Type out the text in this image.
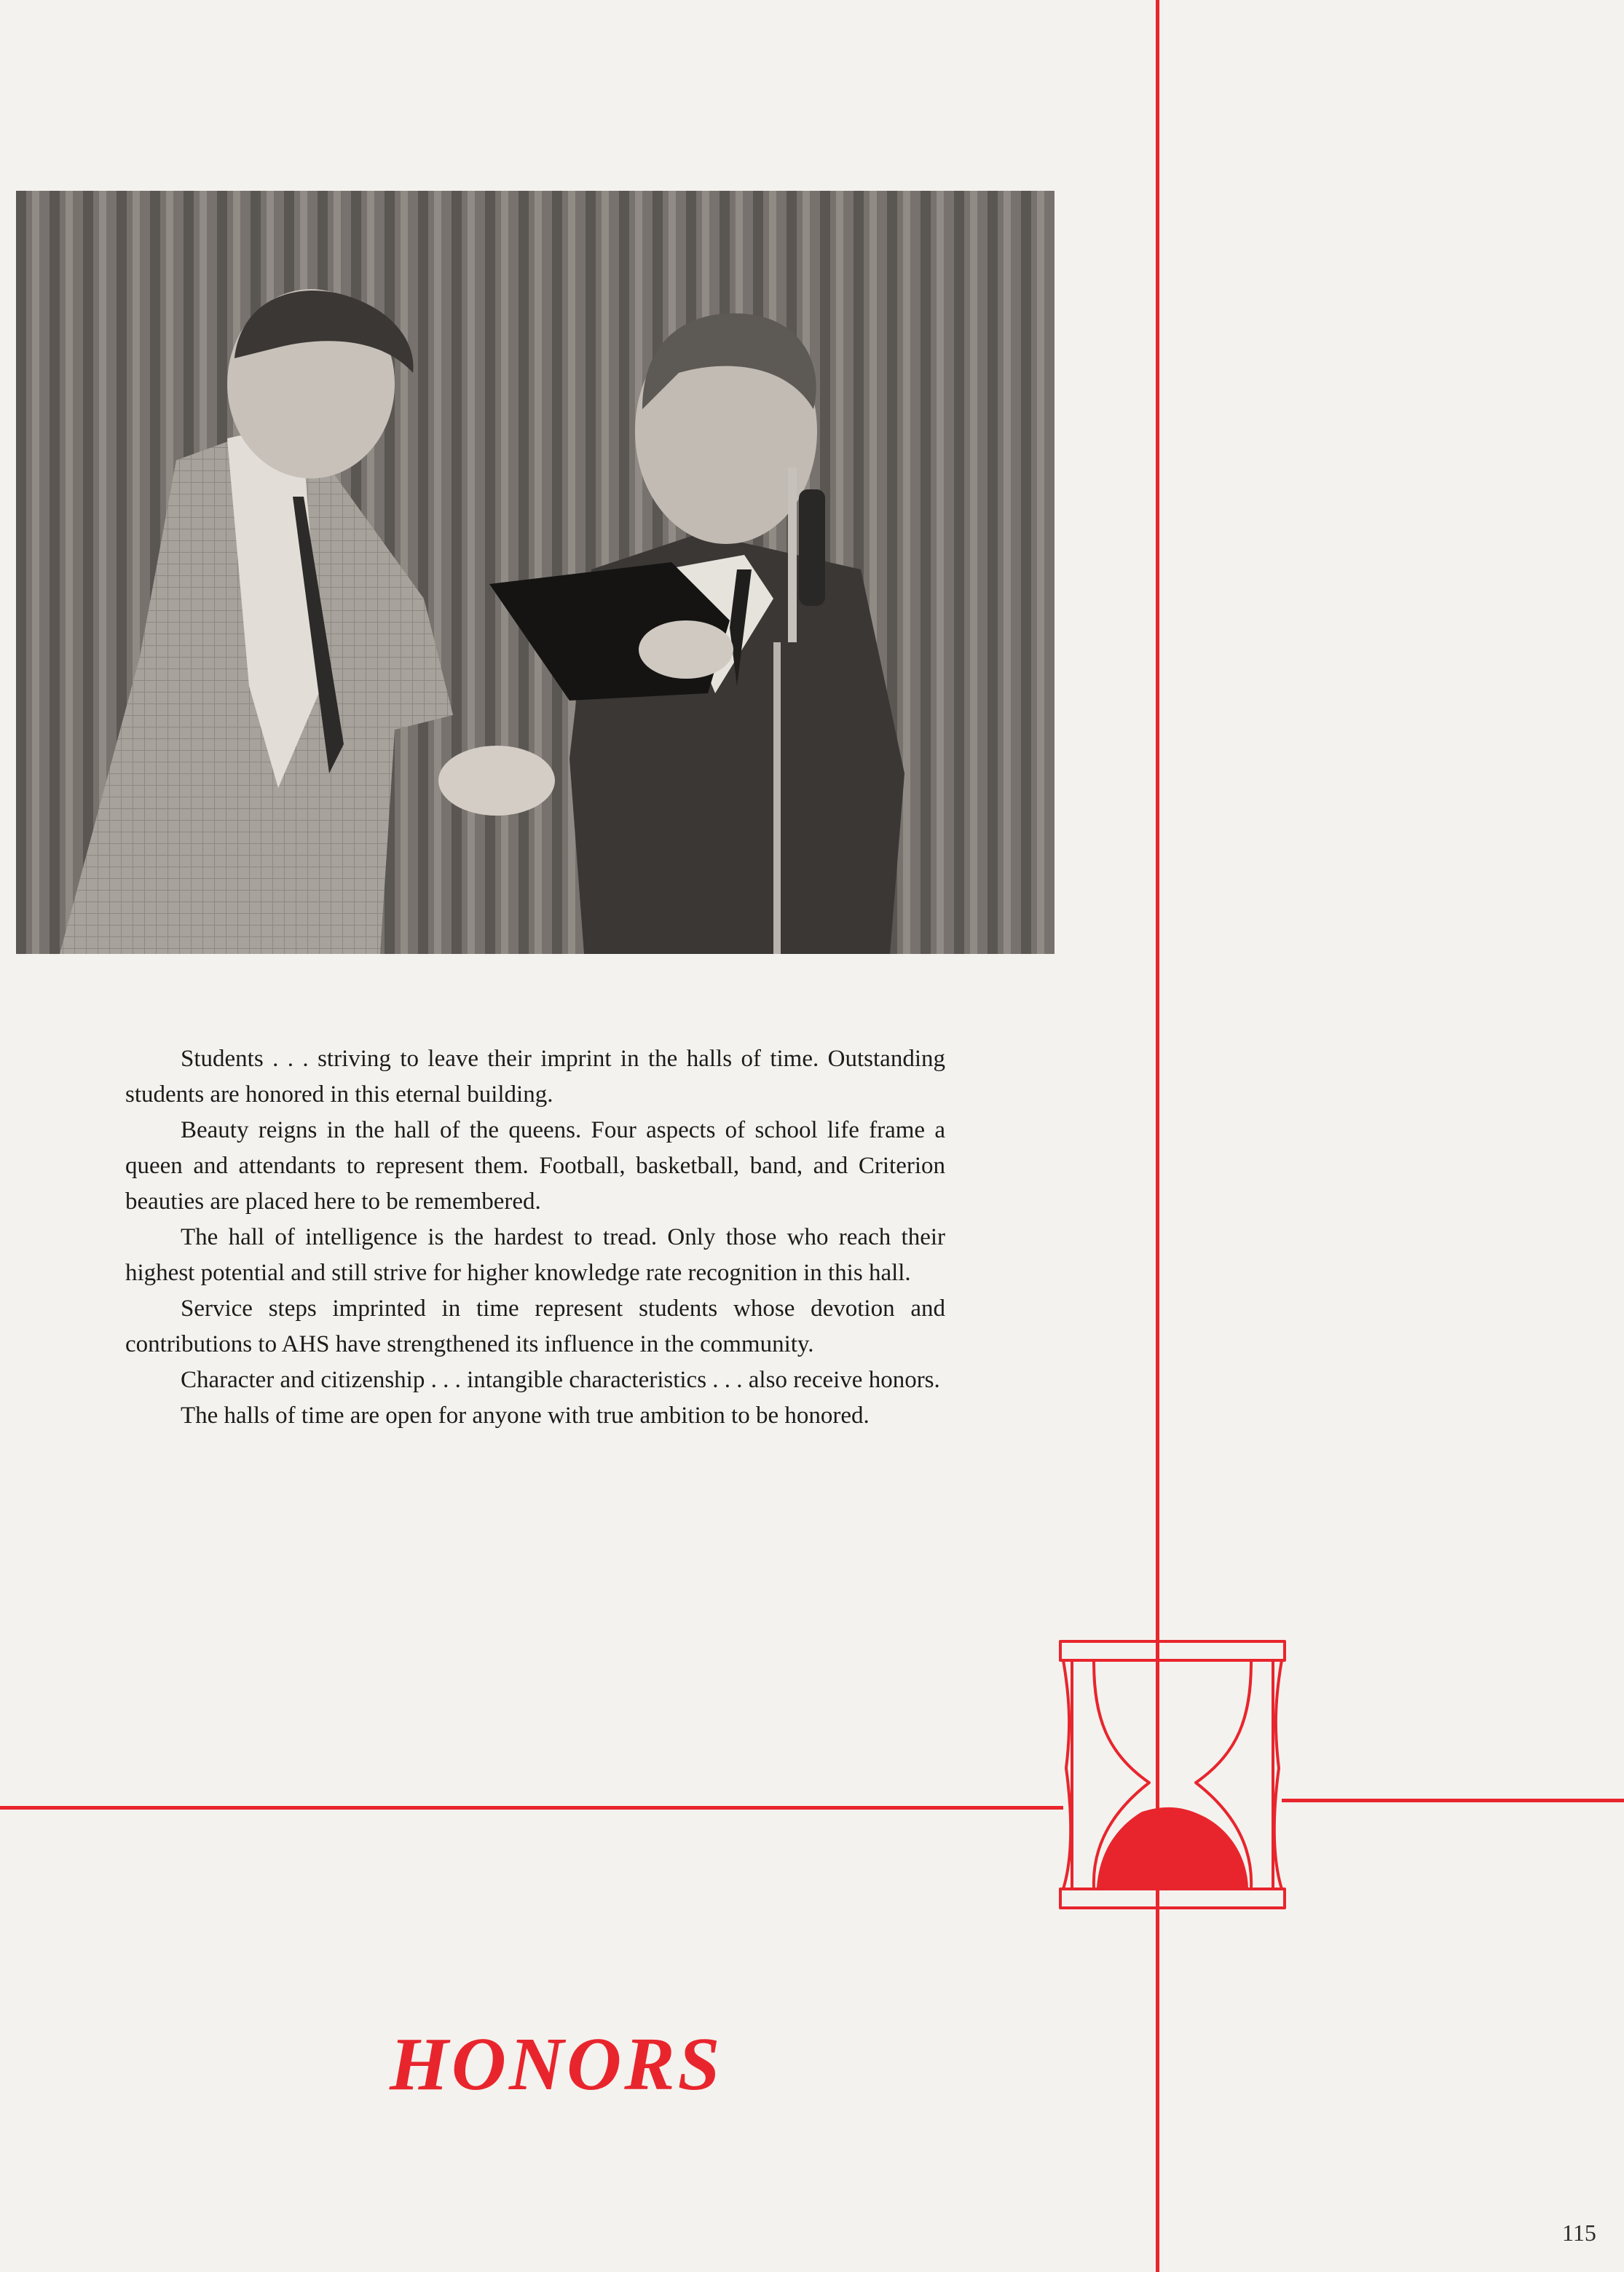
Students . . . striving to leave their imprint in the halls of time. Outstanding students are honored in this eternal building.

Beauty reigns in the hall of the queens. Four aspects of school life frame a queen and attendants to represent them. Football, basketball, band, and Criterion beauties are placed here to be remembered.

The hall of intelligence is the hardest to tread. Only those who reach their highest potential and still strive for higher knowledge rate recognition in this hall.

Service steps imprinted in time represent students whose devotion and contributions to AHS have strengthened its influence in the community.

Character and citizenship . . . intangible characteristics . . . also receive honors.

The halls of time are open for anyone with true ambition to be honored.

HONORS
115
